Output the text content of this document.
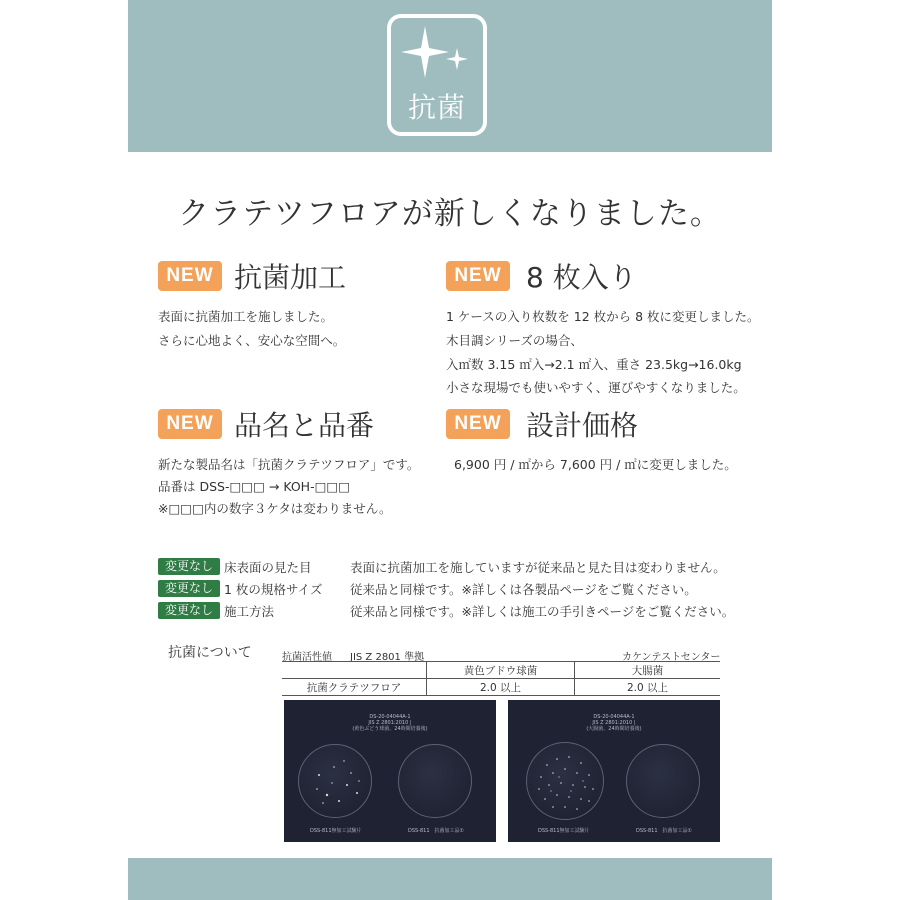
抗菌
クラテツフロアが新しくなりました。
NEW 抗菌加工
表面に抗菌加工を施しました。
さらに心地よく、安心な空間へ。
NEW 8 枚入り
1 ケースの入り枚数を 12 枚から 8 枚に変更しました。
木目調シリーズの場合、
入㎡数 3.15 ㎡入→2.1 ㎡入、重さ 23.5kg→16.0kg
小さな現場でも使いやすく、運びやすくなりました。
NEW 品名と品番
新たな製品名は「抗菌クラテツフロア」です。
品番は DSS-□□□ → KOH-□□□
※□□□内の数字３ケタは変わりません。
NEW 設計価格
6,900 円 / ㎡から 7,600 円 / ㎡に変更しました。
変更なし 床表面の見た目	表面に抗菌加工を施していますが従来品と見た目は変わりません。
変更なし 1 枚の規格サイズ 従来品と同様です。※詳しくは各製品ページをご覧ください。
変更なし 施工方法	従来品と同様です。※詳しくは施工の手引きページをご覧ください。
抗菌について	抗菌活性値 JIS Z 2801 準拠	カケンテストセンター
	黄色ブドウ球菌	大腸菌
抗菌クラテツフロア	2.0 以上	2.0 以上
DS-20-04044A-1
JIS Z 2801:2010 |
(黄色ぶどう球菌、24時間培養後)
DSS-811無加工試験片	DSS-811　抗菌加工品①
DS-20-04044A-1
JIS Z 2801:2010 |
(大腸菌、24時間培養後)
DSS-811無加工試験片	DSS-811　抗菌加工品①
